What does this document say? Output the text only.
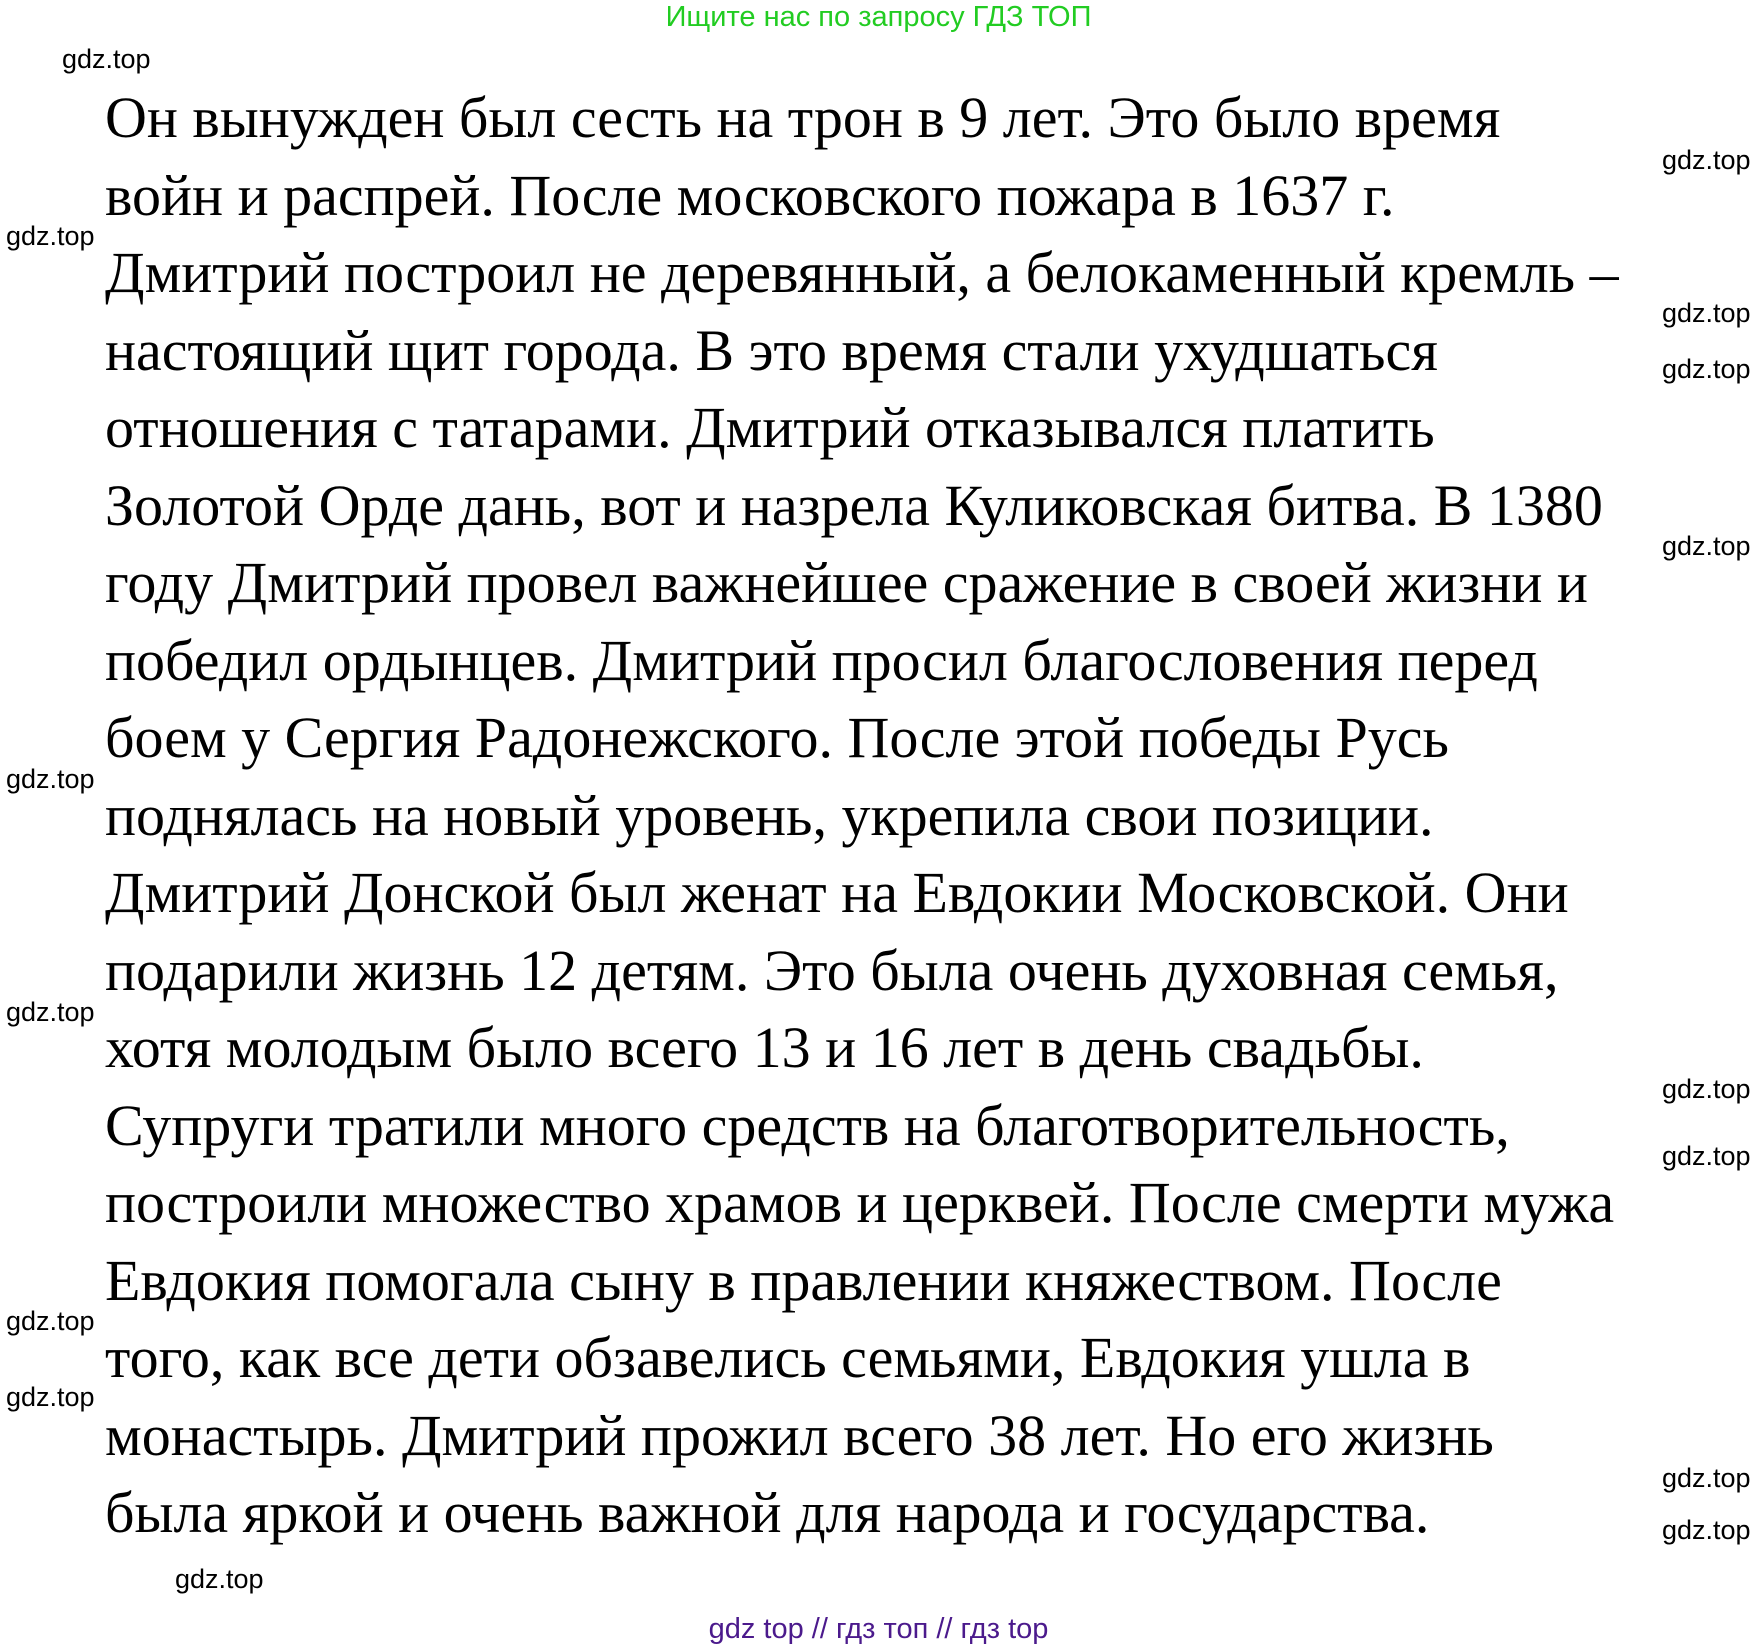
Ищите нас по запросу ГДЗ ТОП
Он вынужден был сесть на трон в 9 лет. Это было время
войн и распрей. После московского пожара в 1637 г.
Дмитрий построил не деревянный, а белокаменный кремль –
настоящий щит города. В это время стали ухудшаться
отношения с татарами. Дмитрий отказывался платить
Золотой Орде дань, вот и назрела Куликовская битва. В 1380
году Дмитрий провел важнейшее сражение в своей жизни и
победил ордынцев. Дмитрий просил благословения перед
боем у Сергия Радонежского. После этой победы Русь
поднялась на новый уровень, укрепила свои позиции.
Дмитрий Донской был женат на Евдокии Московской. Они
подарили жизнь 12 детям. Это была очень духовная семья,
хотя молодым было всего 13 и 16 лет в день свадьбы.
Супруги тратили много средств на благотворительность,
построили множество храмов и церквей. После смерти мужа
Евдокия помогала сыну в правлении княжеством. После
того, как все дети обзавелись семьями, Евдокия ушла в
монастырь. Дмитрий прожил всего 38 лет. Но его жизнь
была яркой и очень важной для народа и государства.
gdz.top
gdz.top
gdz.top
gdz.top
gdz.top
gdz.top
gdz.top
gdz.top
gdz.top
gdz.top
gdz.top
gdz.top
gdz.top
gdz.top
gdz.top
gdz top // гдз топ // гдз top
